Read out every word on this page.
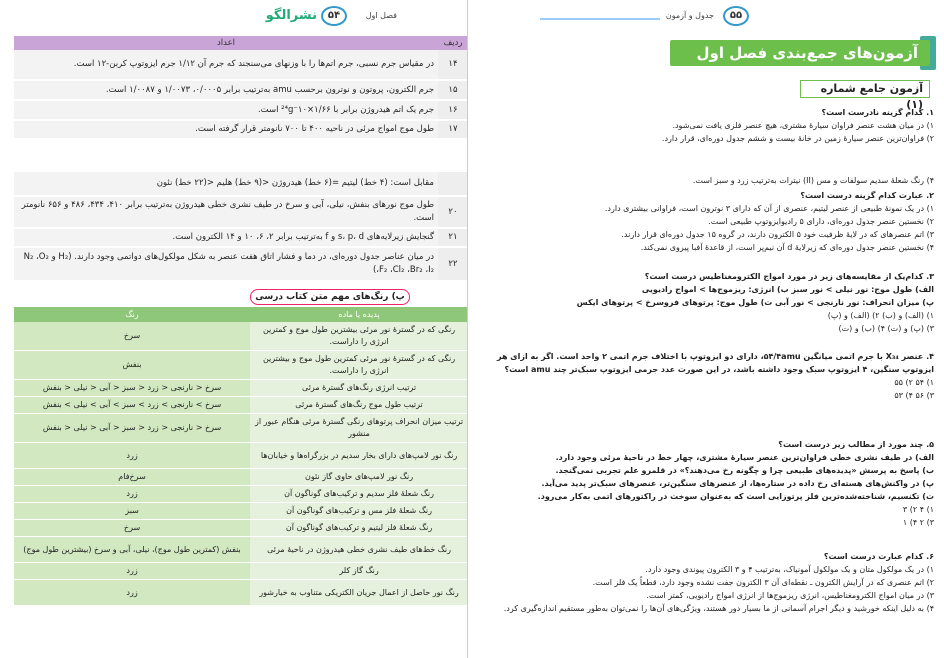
نشرالگو	۵۴	فصل اول
ردیف	اعداد
۱۴	در مقیاس جرم نسبی، جرم اتم‌ها را با وزنهای می‌سنجند که جرم آن ۱/۱۲ جرم ایزوتوپ کربن-۱۲ است.
۱۵	جرم الکترون، پروتون و نوترون برحسب amu به‌ترتیب برابر ۰/۰۰۰۵، ۱/۰۰۷۳ و ۱/۰۰۸۷ است.
۱۶	جرم یک اتم هیدروژن برابر با ۱/۶۶×۱۰⁻²⁴g است.
۱۷	طول موج امواج مرئی در ناحیه ۴۰۰ تا ۷۰۰ نانومتر قرار گرفته است.
	مقابل است: (۴ خط) لیتیم =(۶ خط) هیدروژن <(۹ خط) هلیم <(۲۲ خط) نئون
۲۰	طول موج نورهای بنفش، نیلی، آبی و سرخ در طیف نشری خطی هیدروژن به‌ترتیب برابر ۴۱۰، ۴۳۴، ۴۸۶ و ۶۵۶ نانومتر است.
۲۱	گنجایش زیرلایه‌های s، p، d و f به‌ترتیب برابر ۲، ۶، ۱۰ و ۱۴ الکترون است.
۲۲	در میان عناصر جدول دوره‌ای، در دما و فشار اتاق هفت عنصر به شکل مولکول‌های دواتمی وجود دارند. (H₂ و N₂ ،O₂ ،F₂ ،Cl₂ ،Br₂ ،I₂)
پ) رنگ‌های مهم متن کتاب درسی
پدیده یا ماده	رنگ
رنگی که در گسترهٔ نور مرئی بیشترین طول موج و کمترین انرژی را داراست.	سرخ
رنگی که در گسترهٔ نور مرئی کمترین طول موج و بیشترین انرژی را داراست.	بنفش
ترتیب انرژی رنگ‌های گسترهٔ مرئی	سرخ < نارنجی < زرد < سبز < آبی < نیلی < بنفش
ترتیب طول موج رنگ‌های گسترهٔ مرئی	سرخ > نارنجی > زرد > سبز > آبی > نیلی > بنفش
ترتیب میزان انحراف پرتوهای رنگی گسترهٔ مرئی هنگام عبور از منشور	سرخ < نارنجی < زرد < سبز < آبی < نیلی < بنفش
رنگ نور لامپ‌های دارای بخار سدیم در بزرگراه‌ها و خیابان‌ها	زرد
رنگ نور لامپ‌های حاوی گاز نئون	سرخ‌فام
رنگ شعلهٔ فلز سدیم و ترکیب‌های گوناگون آن	زرد
رنگ شعلهٔ فلز مس و ترکیب‌های گوناگون آن	سبز
رنگ شعلهٔ فلز لیتیم و ترکیب‌های گوناگون آن	سرخ
رنگ خط‌های طیف نشری خطی هیدروژن در ناحیهٔ مرئی	بنفش (کمترین طول موج)، نیلی، آبی و سرخ (بیشترین طول موج)
رنگ گاز کلر	زرد
رنگ نور حاصل از اعمال جریان الکتریکی متناوب به خیارشور	زرد
جدول و آزمون	۵۵
آزمون‌های جمع‌بندی فصل اول
آزمون جامع شماره (۱)
۱. کدام گزینه نادرست است؟
۱) در میان هشت عنصر فراوان سیارهٔ مشتری، هیچ عنصر فلزی یافت نمی‌شود.
۲) فراوان‌ترین عنصر سیارهٔ زمین در خانهٔ بیست و ششم جدول دوره‌ای، قرار دارد.
۴) رنگ شعلهٔ سدیم سولفات و مس (II) نیترات به‌ترتیب زرد و سبز است.
۲. عبارت کدام گزینه درست است؟
۱) در یک نمونهٔ طبیعی از عنصر لیتیم، عنصری از آن که دارای ۳ نوترون است، فراوانی بیشتری دارد.
۲) نخستین عنصر جدول دوره‌ای، دارای ۵ رادیوایزوتوپ طبیعی است.
۳) اتم عنصرهای که در لایهٔ ظرفیت خود ۵ الکترون دارند، در گروه ۱۵ جدول دوره‌ای قرار دارند.
۴) نخستین عنصر جدول دوره‌ای که زیرلایهٔ d آن نیم‌پر است، از قاعدهٔ آفبا پیروی نمی‌کند.
۳. کدام‌یک از مقایسه‌های زیر در مورد امواج الکترومغناطیس درست است؟
الف) طول موج: نور نیلی > نور سبز ب) انرژی: ریزموج‌ها > امواج رادیویی
پ) میزان انحراف: نور نارنجی > نور آبی ت) طول موج: پرتوهای فروسرخ > پرتوهای ایکس
۱) (الف) و (ب) ۲) (الف) و (پ)
۳) (پ) و (ت) ۴) (ب) و (ت)
۴. عنصر X₃₄ با جرم اتمی میانگین ۵۴/۴amu، دارای دو ایزوتوپ با اختلاف جرم اتمی ۲ واحد است. اگر به ازای هر ایزوتوپ سنگین، ۴ ایزوتوپ سبک وجود داشته باشد، در این صورت عدد جرمی ایزوتوپ سبک‌تر چند amu است؟
۱) ۵۴ ۲) ۵۵
۳) ۵۶ ۴) ۵۳
۵. چند مورد از مطالب زیر درست است؟
الف) در طیف نشری خطی فراوان‌ترین عنصر سیارهٔ مشتری، چهار خط در ناحیهٔ مرئی وجود دارد.
ب) پاسخ به پرسش «پدیده‌های طبیعی چرا و چگونه رخ می‌دهند؟» در قلمرو علم تجربی نمی‌گنجد.
پ) در واکنش‌های هسته‌ای رخ داده در ستاره‌ها، از عنصرهای سنگین‌تر، عنصرهای سبک‌تر پدید می‌آید.
ت) تکنسیم، شناخته‌شده‌ترین فلز پرتوزایی است که به‌عنوان سوخت در راکتورهای اتمی به‌کار می‌رود.
۱) ۴ ۲) ۳
۳) ۲ ۴) ۱
۶. کدام عبارت درست است؟
۱) در یک مولکول متان و یک مولکول آمونیاک، به‌ترتیب ۴ و ۳ الکترون پیوندی وجود دارد.
۲) اتم عنصری که در آرایش الکترون ـ نقطه‌ای آن ۳ الکترون جفت نشده وجود دارد، قطعاً یک فلز است.
۳) در میان امواج الکترومغناطیس، انرژی ریزموج‌ها از انرژی امواج رادیویی، کمتر است.
۴) به دلیل اینکه خورشید و دیگر اجرام آسمانی از ما بسیار دور هستند، ویژگی‌های آن‌ها را نمی‌توان به‌طور مستقیم اندازه‌گیری کرد.
